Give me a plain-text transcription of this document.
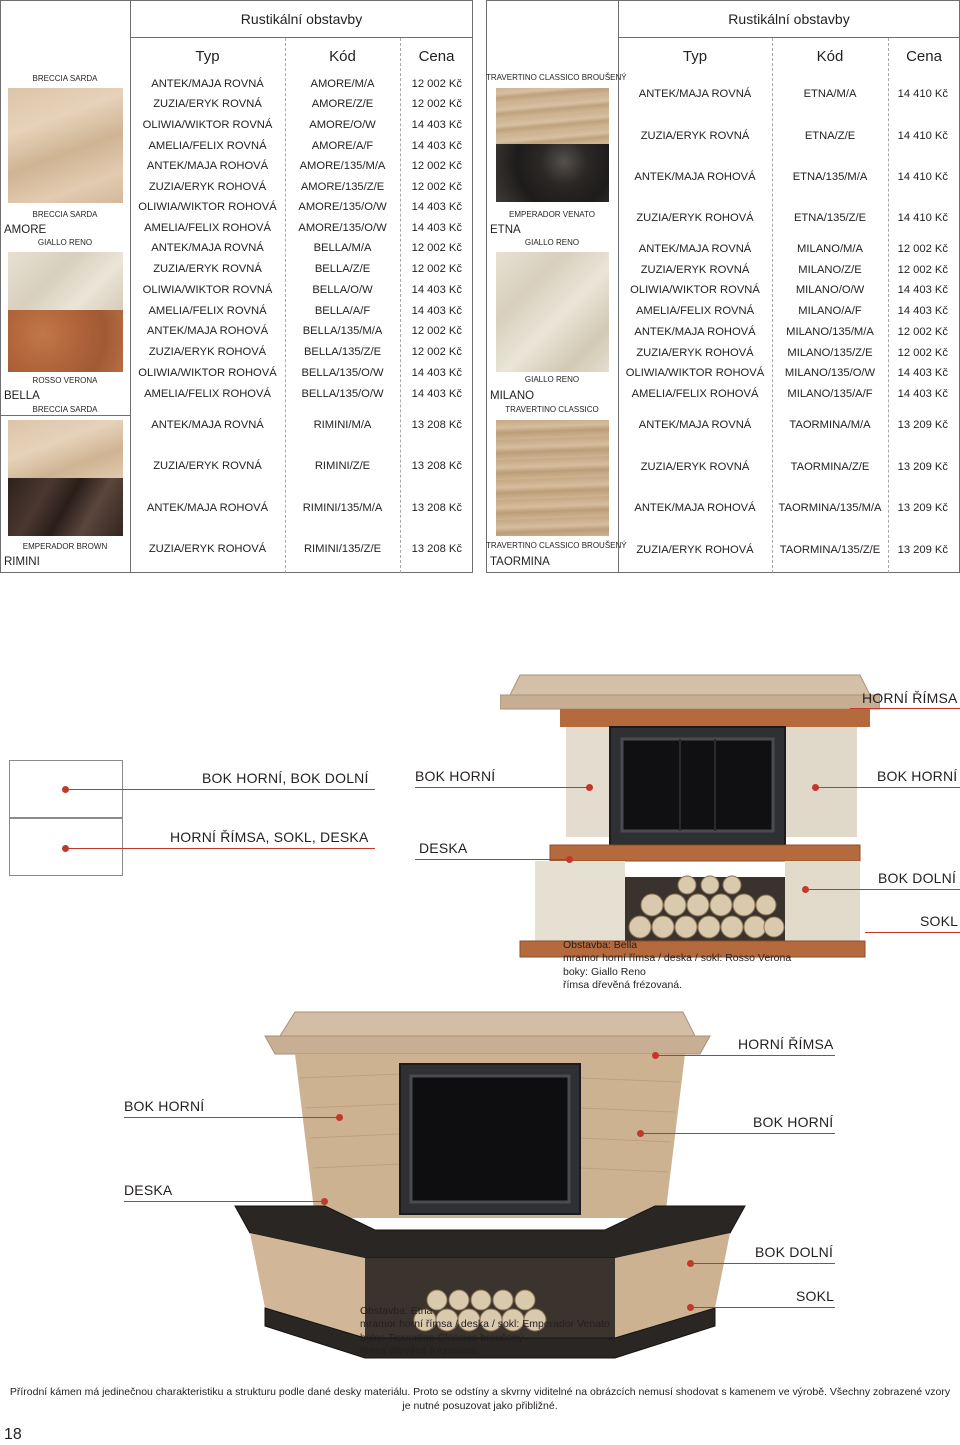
Rustikální obstavby
Typ	Kód	Cena
BRECCIA SARDA
BRECCIA SARDA
AMORE
GIALLO RENO
ROSSO VERONA
BELLA
BRECCIA SARDA
EMPERADOR BROWN
RIMINI
ANTEK/MAJA ROVNÁ	AMORE/M/A	12 002 Kč
ZUZIA/ERYK ROVNÁ	AMORE/Z/E	12 002 Kč
OLIWIA/WIKTOR ROVNÁ	AMORE/O/W	14 403 Kč
AMELIA/FELIX ROVNÁ	AMORE/A/F	14 403 Kč
ANTEK/MAJA ROHOVÁ	AMORE/135/M/A	12 002 Kč
ZUZIA/ERYK ROHOVÁ	AMORE/135/Z/E	12 002 Kč
OLIWIA/WIKTOR ROHOVÁ	AMORE/135/O/W	14 403 Kč
AMELIA/FELIX ROHOVÁ	AMORE/135/O/W	14 403 Kč
ANTEK/MAJA ROVNÁ	BELLA/M/A	12 002 Kč
ZUZIA/ERYK ROVNÁ	BELLA/Z/E	12 002 Kč
OLIWIA/WIKTOR ROVNÁ	BELLA/O/W	14 403 Kč
AMELIA/FELIX ROVNÁ	BELLA/A/F	14 403 Kč
ANTEK/MAJA ROHOVÁ	BELLA/135/M/A	12 002 Kč
ZUZIA/ERYK ROHOVÁ	BELLA/135/Z/E	12 002 Kč
OLIWIA/WIKTOR ROHOVÁ	BELLA/135/O/W	14 403 Kč
AMELIA/FELIX ROHOVÁ	BELLA/135/O/W	14 403 Kč
ANTEK/MAJA ROVNÁ	RIMINI/M/A	13 208 Kč
ZUZIA/ERYK ROVNÁ	RIMINI/Z/E	13 208 Kč
ANTEK/MAJA ROHOVÁ	RIMINI/135/M/A	13 208 Kč
ZUZIA/ERYK ROHOVÁ	RIMINI/135/Z/E	13 208 Kč
Rustikální obstavby
Typ	Kód	Cena
TRAVERTINO CLASSICO BROUŠENÝ
EMPERADOR VENATO
ETNA
GIALLO RENO
GIALLO RENO
MILANO
TRAVERTINO CLASSICO
TRAVERTINO CLASSICO BROUŠENÝ
TAORMINA
ANTEK/MAJA ROVNÁ	ETNA/M/A	14 410 Kč
ZUZIA/ERYK ROVNÁ	ETNA/Z/E	14 410 Kč
ANTEK/MAJA ROHOVÁ	ETNA/135/M/A	14 410 Kč
ZUZIA/ERYK ROHOVÁ	ETNA/135/Z/E	14 410 Kč
ANTEK/MAJA ROVNÁ	MILANO/M/A	12 002 Kč
ZUZIA/ERYK ROVNÁ	MILANO/Z/E	12 002 Kč
OLIWIA/WIKTOR ROVNÁ	MILANO/O/W	14 403 Kč
AMELIA/FELIX ROVNÁ	MILANO/A/F	14 403 Kč
ANTEK/MAJA ROHOVÁ	MILANO/135/M/A	12 002 Kč
ZUZIA/ERYK ROHOVÁ	MILANO/135/Z/E	12 002 Kč
OLIWIA/WIKTOR ROHOVÁ	MILANO/135/O/W	14 403 Kč
AMELIA/FELIX ROHOVÁ	MILANO/135/A/F	14 403 Kč
ANTEK/MAJA ROVNÁ	TAORMINA/M/A	13 209 Kč
ZUZIA/ERYK ROVNÁ	TAORMINA/Z/E	13 209 Kč
ANTEK/MAJA ROHOVÁ	TAORMINA/135/M/A	13 209 Kč
ZUZIA/ERYK ROHOVÁ	TAORMINA/135/Z/E	13 209 Kč
HORNÍ ŘÍMSA
BOK HORNÍ, BOK DOLNÍ	BOK HORNÍ	BOK HORNÍ
HORNÍ ŘÍMSA, SOKL, DESKA
DESKA
BOK DOLNÍ
SOKL
Obstavba: Bella
mramor horní římsa / deska / sokl: Rosso Verona
boky: Giallo Reno
římsa dřevěná frézovaná.
HORNÍ ŘÍMSA
BOK HORNÍ
BOK HORNÍ
DESKA
BOK DOLNÍ
SOKL
Obstavba: Etna
mramor horní římsa / deska / sokl: Emperador Venato
boky: Travertino Classico broušený
římsa dřevěná frézovaná.
Přírodní kámen má jedinečnou charakteristiku a strukturu podle dané desky materiálu. Proto se odstíny a skvrny viditelné na obrázcích nemusí shodovat s kamenem ve výrobě. Všechny zobrazené vzory je nutné posuzovat jako přibližné.
18
